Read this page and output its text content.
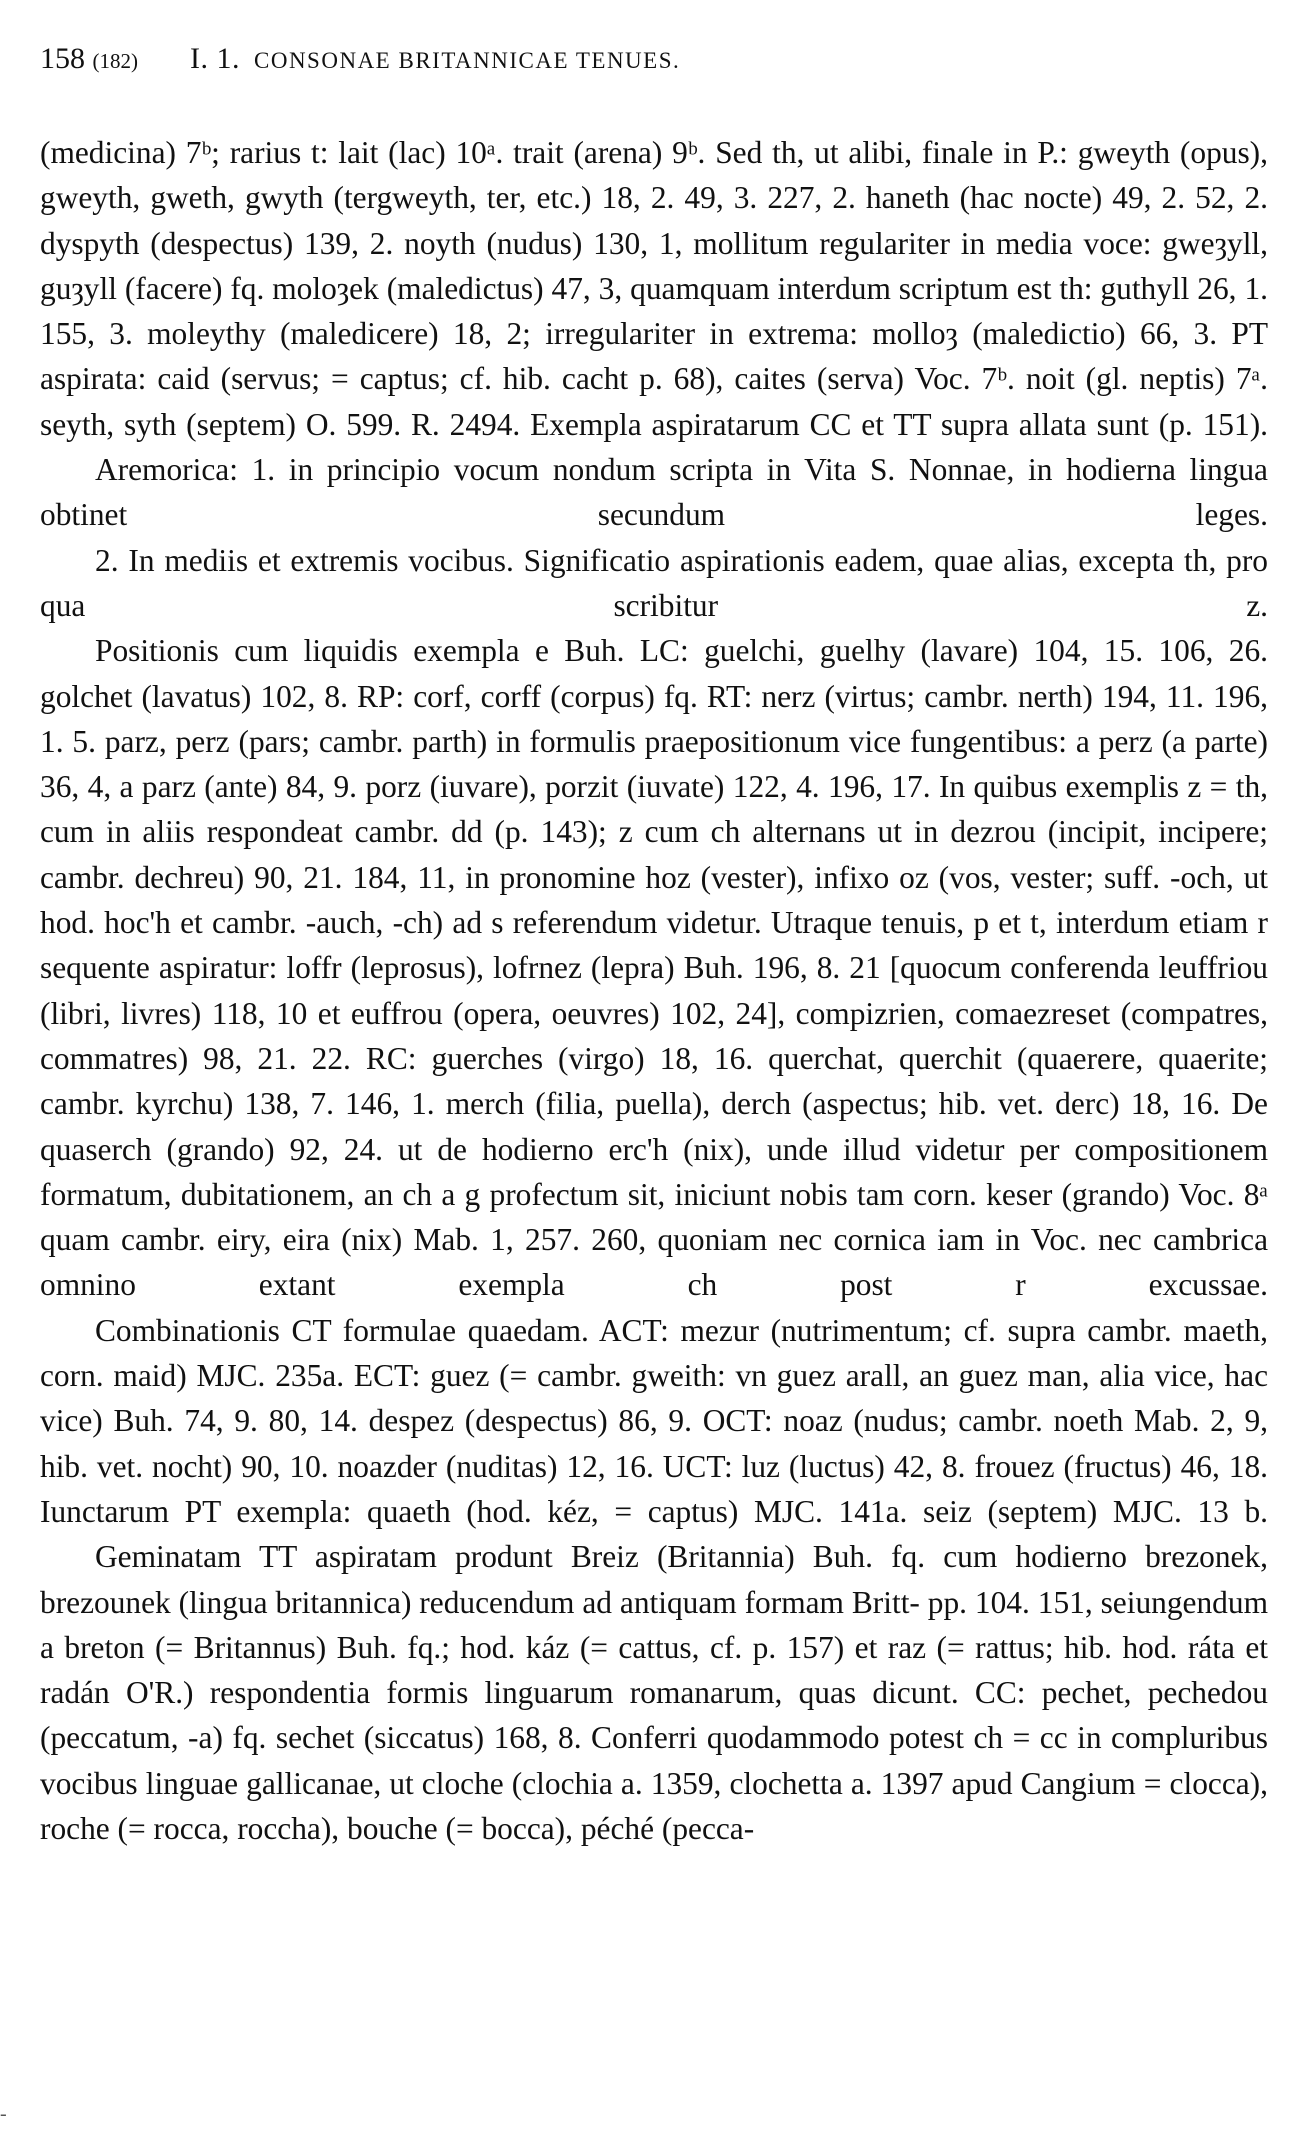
158 (182)	I. 1. CONSONAE BRITANNICAE TENUES.

(medicina) 7ᵇ; rarius t: lait (lac) 10ᵃ. trait (arena) 9ᵇ. Sed th, ut alibi, finale in P.: gweyth (opus), gweyth, gweth, gwyth (tergweyth, ter, etc.) 18, 2. 49, 3. 227, 2. haneth (hac nocte) 49, 2. 52, 2. dyspyth (despectus) 139, 2. noyth (nudus) 130, 1, mollitum regulariter in media voce: gweȝyll, guȝyll (facere) fq. moloȝek (maledictus) 47, 3, quamquam interdum scriptum est th: guthyll 26, 1. 155, 3. moleythy (maledicere) 18, 2; irregulariter in extrema: molloȝ (maledictio) 66, 3. PT aspirata: caid (servus; = captus; cf. hib. cacht p. 68), caites (serva) Voc. 7ᵇ. noit (gl. neptis) 7ᵃ. seyth, syth (septem) O. 599. R. 2494. Exempla aspiratarum CC et TT supra allata sunt (p. 151).

Aremorica: 1. in principio vocum nondum scripta in Vita S. Nonnae, in hodierna lingua obtinet secundum leges.

2. In mediis et extremis vocibus. Significatio aspirationis eadem, quae alias, excepta th, pro qua scribitur z.

Positionis cum liquidis exempla e Buh. LC: guelchi, guelhy (lavare) 104, 15. 106, 26. golchet (lavatus) 102, 8. RP: corf, corff (corpus) fq. RT: nerz (virtus; cambr. nerth) 194, 11. 196, 1. 5. parz, perz (pars; cambr. parth) in formulis praepositionum vice fungentibus: a perz (a parte) 36, 4, a parz (ante) 84, 9. porz (iuvare), porzit (iuvate) 122, 4. 196, 17. In quibus exemplis z = th, cum in aliis respondeat cambr. dd (p. 143); z cum ch alternans ut in dezrou (incipit, incipere; cambr. dechreu) 90, 21. 184, 11, in pronomine hoz (vester), infixo oz (vos, vester; suff. -och, ut hod. hoc'h et cambr. -auch, -ch) ad s referendum videtur. Utraque tenuis, p et t, interdum etiam r sequente aspiratur: loffr (leprosus), lofrnez (lepra) Buh. 196, 8. 21 [quocum conferenda leuffriou (libri, livres) 118, 10 et euffrou (opera, oeuvres) 102, 24], compizrien, comaezreset (compatres, commatres) 98, 21. 22. RC: guerches (virgo) 18, 16. querchat, querchit (quaerere, quaerite; cambr. kyrchu) 138, 7. 146, 1. merch (filia, puella), derch (aspectus; hib. vet. derc) 18, 16. De quaserch (grando) 92, 24. ut de hodierno erc'h (nix), unde illud videtur per compositionem formatum, dubitationem, an ch a g profectum sit, iniciunt nobis tam corn. keser (grando) Voc. 8ᵃ quam cambr. eiry, eira (nix) Mab. 1, 257. 260, quoniam nec cornica iam in Voc. nec cambrica omnino extant exempla ch post r excussae.

Combinationis CT formulae quaedam. ACT: mezur (nutrimentum; cf. supra cambr. maeth, corn. maid) MJC. 235a. ECT: guez (= cambr. gweith: vn guez arall, an guez man, alia vice, hac vice) Buh. 74, 9. 80, 14. despez (despectus) 86, 9. OCT: noaz (nudus; cambr. noeth Mab. 2, 9, hib. vet. nocht) 90, 10. noazder (nuditas) 12, 16. UCT: luz (luctus) 42, 8. frouez (fructus) 46, 18. Iunctarum PT exempla: quaeth (hod. kéz, = captus) MJC. 141a. seiz (septem) MJC. 13 b.

Geminatam TT aspiratam produnt Breiz (Britannia) Buh. fq. cum hodierno brezonek, brezounek (lingua britannica) reducendum ad antiquam formam Britt- pp. 104. 151, seiungendum a breton (= Britannus) Buh. fq.; hod. káz (= cattus, cf. p. 157) et raz (= rattus; hib. hod. ráta et radán O'R.) respondentia formis linguarum romanarum, quas dicunt. CC: pechet, pechedou (peccatum, -a) fq. sechet (siccatus) 168, 8. Conferri quodammodo potest ch = cc in compluribus vocibus linguae gallicanae, ut cloche (clochia a. 1359, clochetta a. 1397 apud Cangium = clocca), roche (= rocca, roccha), bouche (= bocca), péché (pecca-

-
